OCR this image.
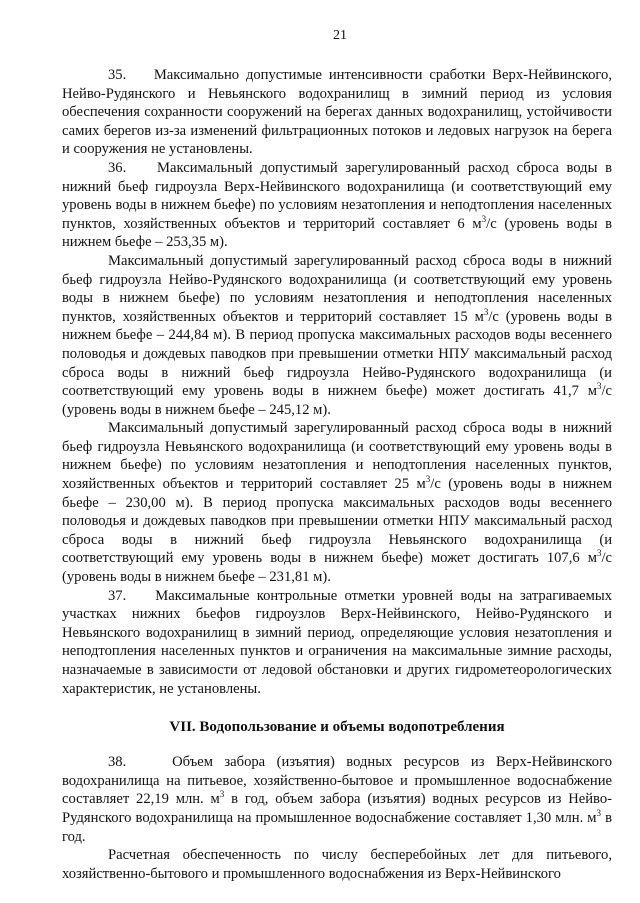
21

35.    Максимально допустимые интенсивности сработки Верх-Нейвинского, Нейво-Рудянского и Невьянского водохранилищ в зимний период из условия обеспечения сохранности сооружений на берегах данных водохранилищ, устойчивости самих берегов из-за изменений фильтрационных потоков и ледовых нагрузок на берега и сооружения не установлены.

36.    Максимальный допустимый зарегулированный расход сброса воды в нижний бьеф гидроузла Верх-Нейвинского водохранилища (и соответствующий ему уровень воды в нижнем бьефе) по условиям незатопления и неподтопления населенных пунктов, хозяйственных объектов и территорий составляет 6 $м^3/с$ (уровень воды в нижнем бьефе – 253,35 м).

Максимальный допустимый зарегулированный расход сброса воды в нижний бьеф гидроузла Нейво-Рудянского водохранилища (и соответствующий ему уровень воды в нижнем бьефе) по условиям незатопления и неподтопления населенных пунктов, хозяйственных объектов и территорий составляет 15 $м^3/с$ (уровень воды в нижнем бьефе – 244,84 м). В период пропуска максимальных расходов воды весеннего половодья и дождевых паводков при превышении отметки НПУ максимальный расход сброса воды в нижний бьеф гидроузла Нейво-Рудянского водохранилища (и соответствующий ему уровень воды в нижнем бьефе) может достигать 41,7 $м^3/с$ (уровень воды в нижнем бьефе – 245,12 м).

Максимальный допустимый зарегулированный расход сброса воды в нижний бьеф гидроузла Невьянского водохранилища (и соответствующий ему уровень воды в нижнем бьефе) по условиям незатопления и неподтопления населенных пунктов, хозяйственных объектов и территорий составляет 25 $м^3/с$ (уровень воды в нижнем бьефе – 230,00 м). В период пропуска максимальных расходов воды весеннего половодья и дождевых паводков при превышении отметки НПУ максимальный расход сброса воды в нижний бьеф гидроузла Невьянского водохранилища (и соответствующий ему уровень воды в нижнем бьефе) может достигать 107,6 $м^3/с$ (уровень воды в нижнем бьефе – 231,81 м).

37.    Максимальные контрольные отметки уровней воды на затрагиваемых участках нижних бьефов гидроузлов Верх-Нейвинского, Нейво-Рудянского и Невьянского водохранилищ в зимний период, определяющие условия незатопления и неподтопления населенных пунктов и ограничения на максимальные зимние расходы, назначаемые в зависимости от ледовой обстановки и других гидрометеорологических характеристик, не установлены.

VII. Водопользование и объемы водопотребления

38.    Объем забора (изъятия) водных ресурсов из Верх-Нейвинского водохранилища на питьевое, хозяйственно-бытовое и промышленное водоснабжение составляет 22,19 млн. $м^3$ в год, объем забора (изъятия) водных ресурсов из Нейво-Рудянского водохранилища на промышленное водоснабжение составляет 1,30 млн. $м^3$ в год.

Расчетная обеспеченность по числу бесперебойных лет для питьевого, хозяйственно-бытового и промышленного водоснабжения из Верх-Нейвинского
